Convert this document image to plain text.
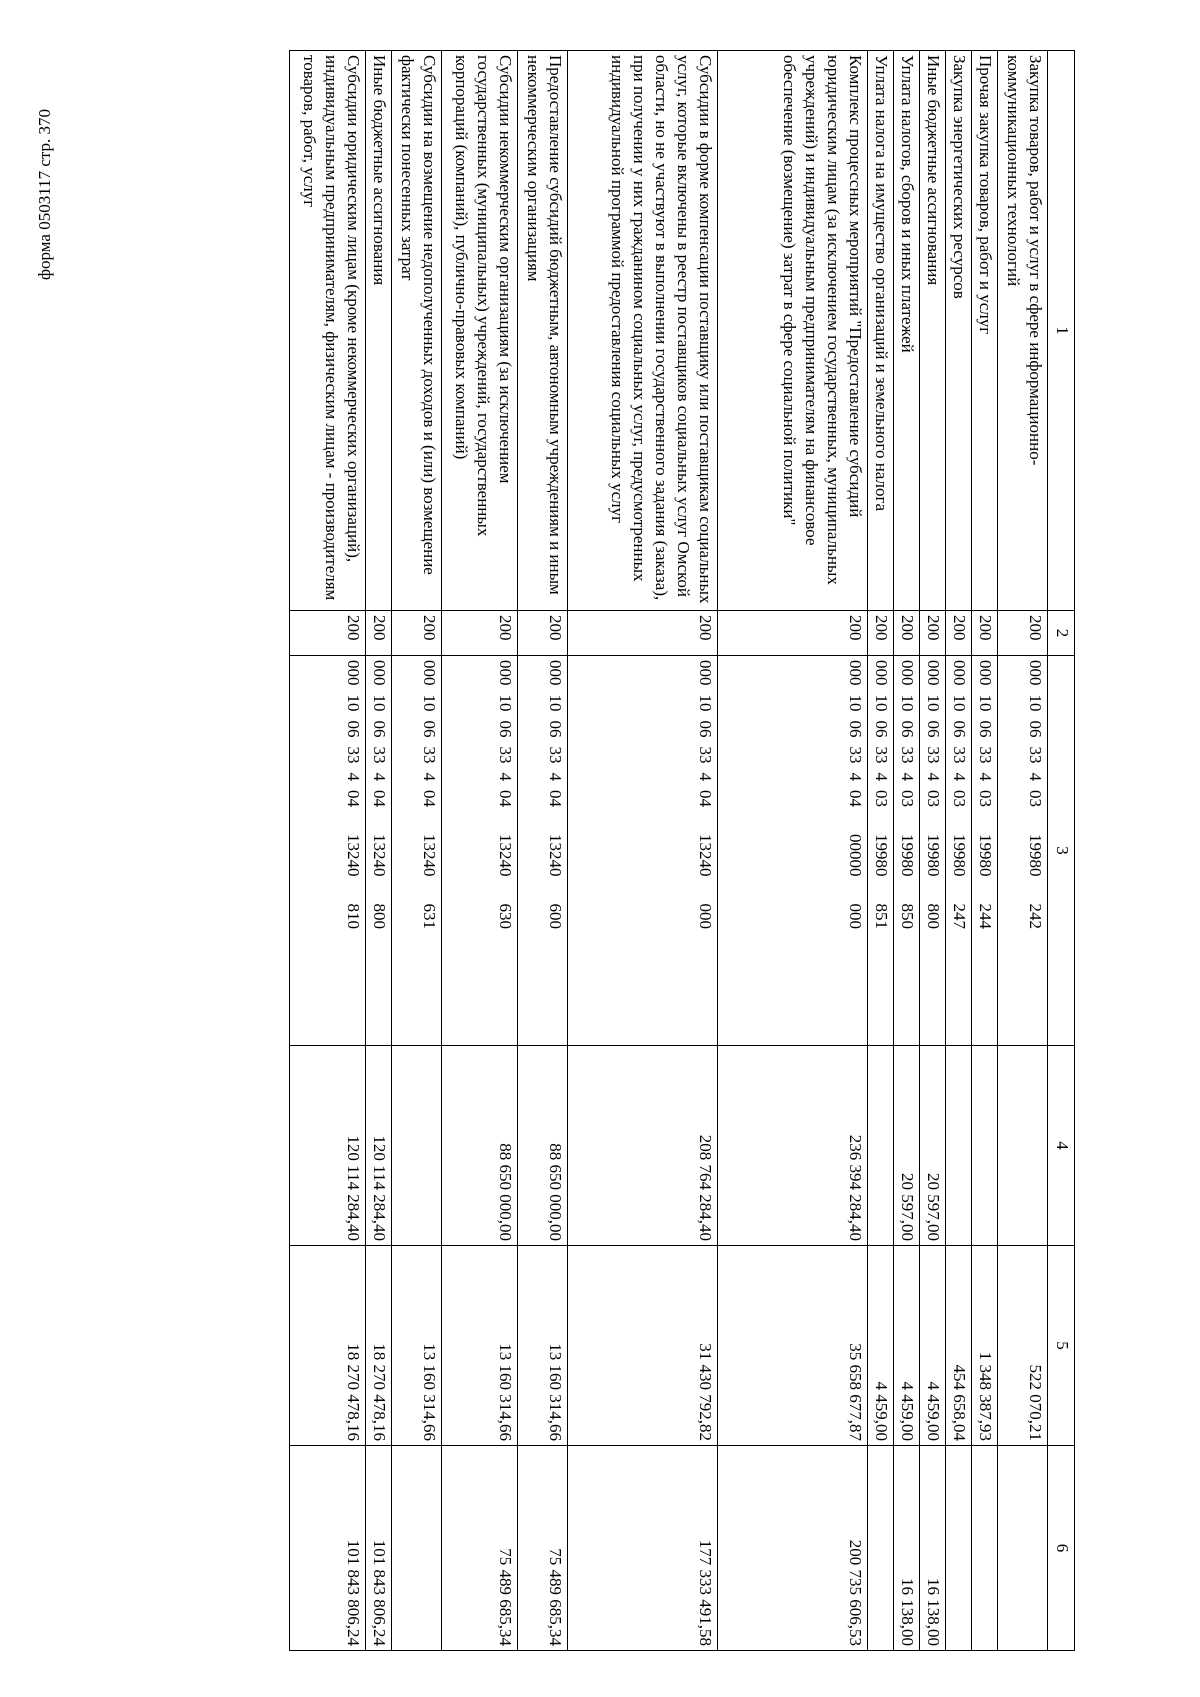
форма 0503117 стр. 370
1	2	3	4	5	6
Закупка товаров, работ и услуг в сфере информационно-коммуникационных технологий	200	00010063340319980242		522 070,21	
Прочая закупка товаров, работ и услуг	200	00010063340319980244		1 348 387,93	
Закупка энергетических ресурсов	200	00010063340319980247		454 658,04	
Иные бюджетные ассигнования	200	00010063340319980800	20 597,00	4 459,00	16 138,00
Уплата налогов, сборов и иных платежей	200	00010063340319980850	20 597,00	4 459,00	16 138,00
Уплата налога на имущество организаций и земельного налога	200	00010063340319980851		4 459,00	
Комплекс процессных мероприятий "Предоставление субсидий юридическим лицам (за исключением государственных, муниципальных учреждений) и индивидуальным предпринимателям на финансовое обеспечение (возмещение) затрат в сфере социальной политики"	200	00010063340400000000	236 394 284,40	35 658 677,87	200 735 606,53
Субсидии в форме компенсации поставщику или поставщикам социальных услуг, которые включены в реестр поставщиков социальных услуг Омской области, но не участвуют в выполнении государственного задания (заказа), при получении у них гражданином социальных услуг, предусмотренных индивидуальной программой предоставления социальных услуг	200	00010063340413240000	208 764 284,40	31 430 792,82	177 333 491,58
Предоставление субсидий бюджетным, автономным учреждениям и иным некоммерческим организациям	200	00010063340413240600	88 650 000,00	13 160 314,66	75 489 685,34
Субсидии некоммерческим организациям (за исключением государственных (муниципальных) учреждений, государственных корпораций (компаний), публично-правовых компаний)	200	00010063340413240630	88 650 000,00	13 160 314,66	75 489 685,34
Субсидии на возмещение недополученных доходов и (или) возмещение фактически понесенных затрат	200	00010063340413240631		13 160 314,66	
Иные бюджетные ассигнования	200	00010063340413240800	120 114 284,40	18 270 478,16	101 843 806,24
Субсидии юридическим лицам (кроме некоммерческих организаций), индивидуальным предпринимателям, физическим лицам - производителям товаров, работ, услуг	200	00010063340413240810	120 114 284,40	18 270 478,16	101 843 806,24
